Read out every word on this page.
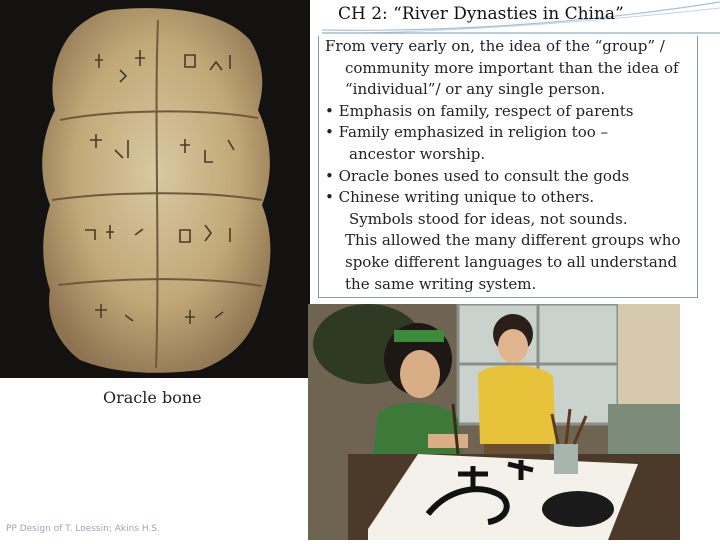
Oracle bone
CH 2: “River Dynasties in China”
From very early on, the idea of the “group” /
community more important than the idea of
“individual”/ or any single person.
• Emphasis on family, respect of parents
• Family emphasized in religion too –
ancestor worship.
• Oracle bones used to consult the gods
• Chinese writing unique to others.
Symbols stood for ideas, not sounds.
This allowed the many different groups who
spoke different languages to all understand
the same writing system.
PP Design of T. Loessin; Akins H.S.
